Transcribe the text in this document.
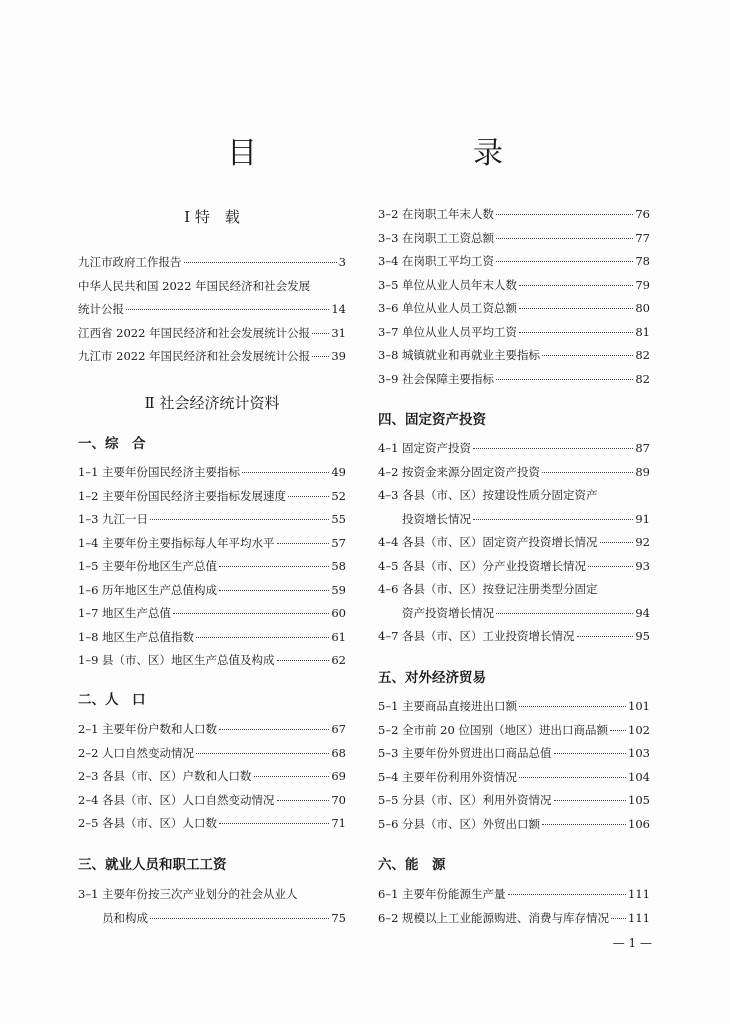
目　　录
Ⅰ 特　载
九江市政府工作报告	3
中华人民共和国 2022 年国民经济和社会发展
统计公报	14
江西省 2022 年国民经济和社会发展统计公报 31
九江市 2022 年国民经济和社会发展统计公报 39
Ⅱ 社会经济统计资料
一、综　合
1–1 主要年份国民经济主要指标	49
1–2 主要年份国民经济主要指标发展速度	52
1–3 九江一日	55
1–4 主要年份主要指标每人年平均水平	57
1–5 主要年份地区生产总值	58
1–6 历年地区生产总值构成	59
1–7 地区生产总值	60
1–8 地区生产总值指数	61
1–9 县（市、区）地区生产总值及构成	62
二、人　口
2–1 主要年份户数和人口数	67
2–2 人口自然变动情况	68
2–3 各县（市、区）户数和人口数	69
2–4 各县（市、区）人口自然变动情况	70
2–5 各县（市、区）人口数	71
三、就业人员和职工工资
3–1 主要年份按三次产业划分的社会从业人
员和构成	75
3–2 在岗职工年末人数	76
3–3 在岗职工工资总额	77
3–4 在岗职工平均工资	78
3–5 单位从业人员年末人数	79
3–6 单位从业人员工资总额	80
3–7 单位从业人员平均工资	81
3–8 城镇就业和再就业主要指标	82
3–9 社会保障主要指标	82
四、固定资产投资
4–1 固定资产投资	87
4–2 按资金来源分固定资产投资	89
4–3 各县（市、区）按建设性质分固定资产
投资增长情况	91
4–4 各县（市、区）固定资产投资增长情况	92
4–5 各县（市、区）分产业投资增长情况	93
4–6 各县（市、区）按登记注册类型分固定
资产投资增长情况	94
4–7 各县（市、区）工业投资增长情况	95
五、对外经济贸易
5–1 主要商品直接进出口额	101
5–2 全市前 20 位国别（地区）进出口商品额 102
5–3 主要年份外贸进出口商品总值	103
5–4 主要年份利用外资情况	104
5–5 分县（市、区）利用外资情况	105
5–6 分县（市、区）外贸出口额	106
六、能　源
6–1 主要年份能源生产量	111
6–2 规模以上工业能源购进、消费与库存情况 111
— 1 —
